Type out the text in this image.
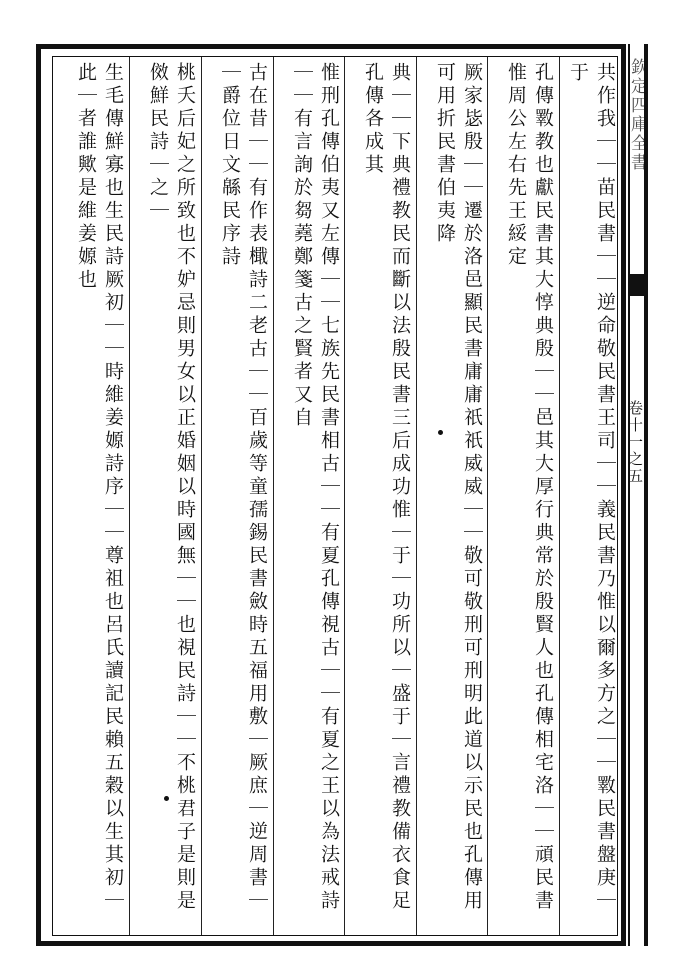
欽定四庫全書
卷十一之五
共作我｜｜苗民書｜｜逆命敬民書王司｜｜義民書乃惟以爾多方之｜｜斁民書盤庚｜于
孔傳斁教也獻民書其大惇典殷｜｜邑其大厚行典常於殷賢人也孔傳相宅洛｜｜頑民書惟周公左右先王綏定
厥家毖殷｜｜遷於洛邑顯民書庸庸祇祇威威｜｜敬可敬刑可刑明此道以示民也孔傳用可用折民書伯夷降
典｜｜下典禮教民而斷以法殷民書三后成功惟｜于｜功所以｜盛于｜言禮教備衣食足孔傳各成其
惟刑孔傳伯夷又左傳｜｜七族先民書相古｜｜有夏孔傳視古｜｜有夏之王以為法戒詩｜｜有言詢於芻蕘鄭箋古之賢者又自
古在昔｜｜有作表檝詩二老古｜｜百歲等童孺錫民書斂時五福用敷｜厥庶｜逆周書｜｜爵位日文緜民序詩
桃夭后妃之所致也不妒忌則男女以正婚姻以時國無｜｜也視民詩｜｜不桃君子是則是傚鮮民詩｜之｜
生毛傳鮮寡也生民詩厥初｜｜時維姜嫄詩序｜｜尊祖也呂氏讀記民賴五穀以生其初｜此｜者誰歟是維姜嫄也
